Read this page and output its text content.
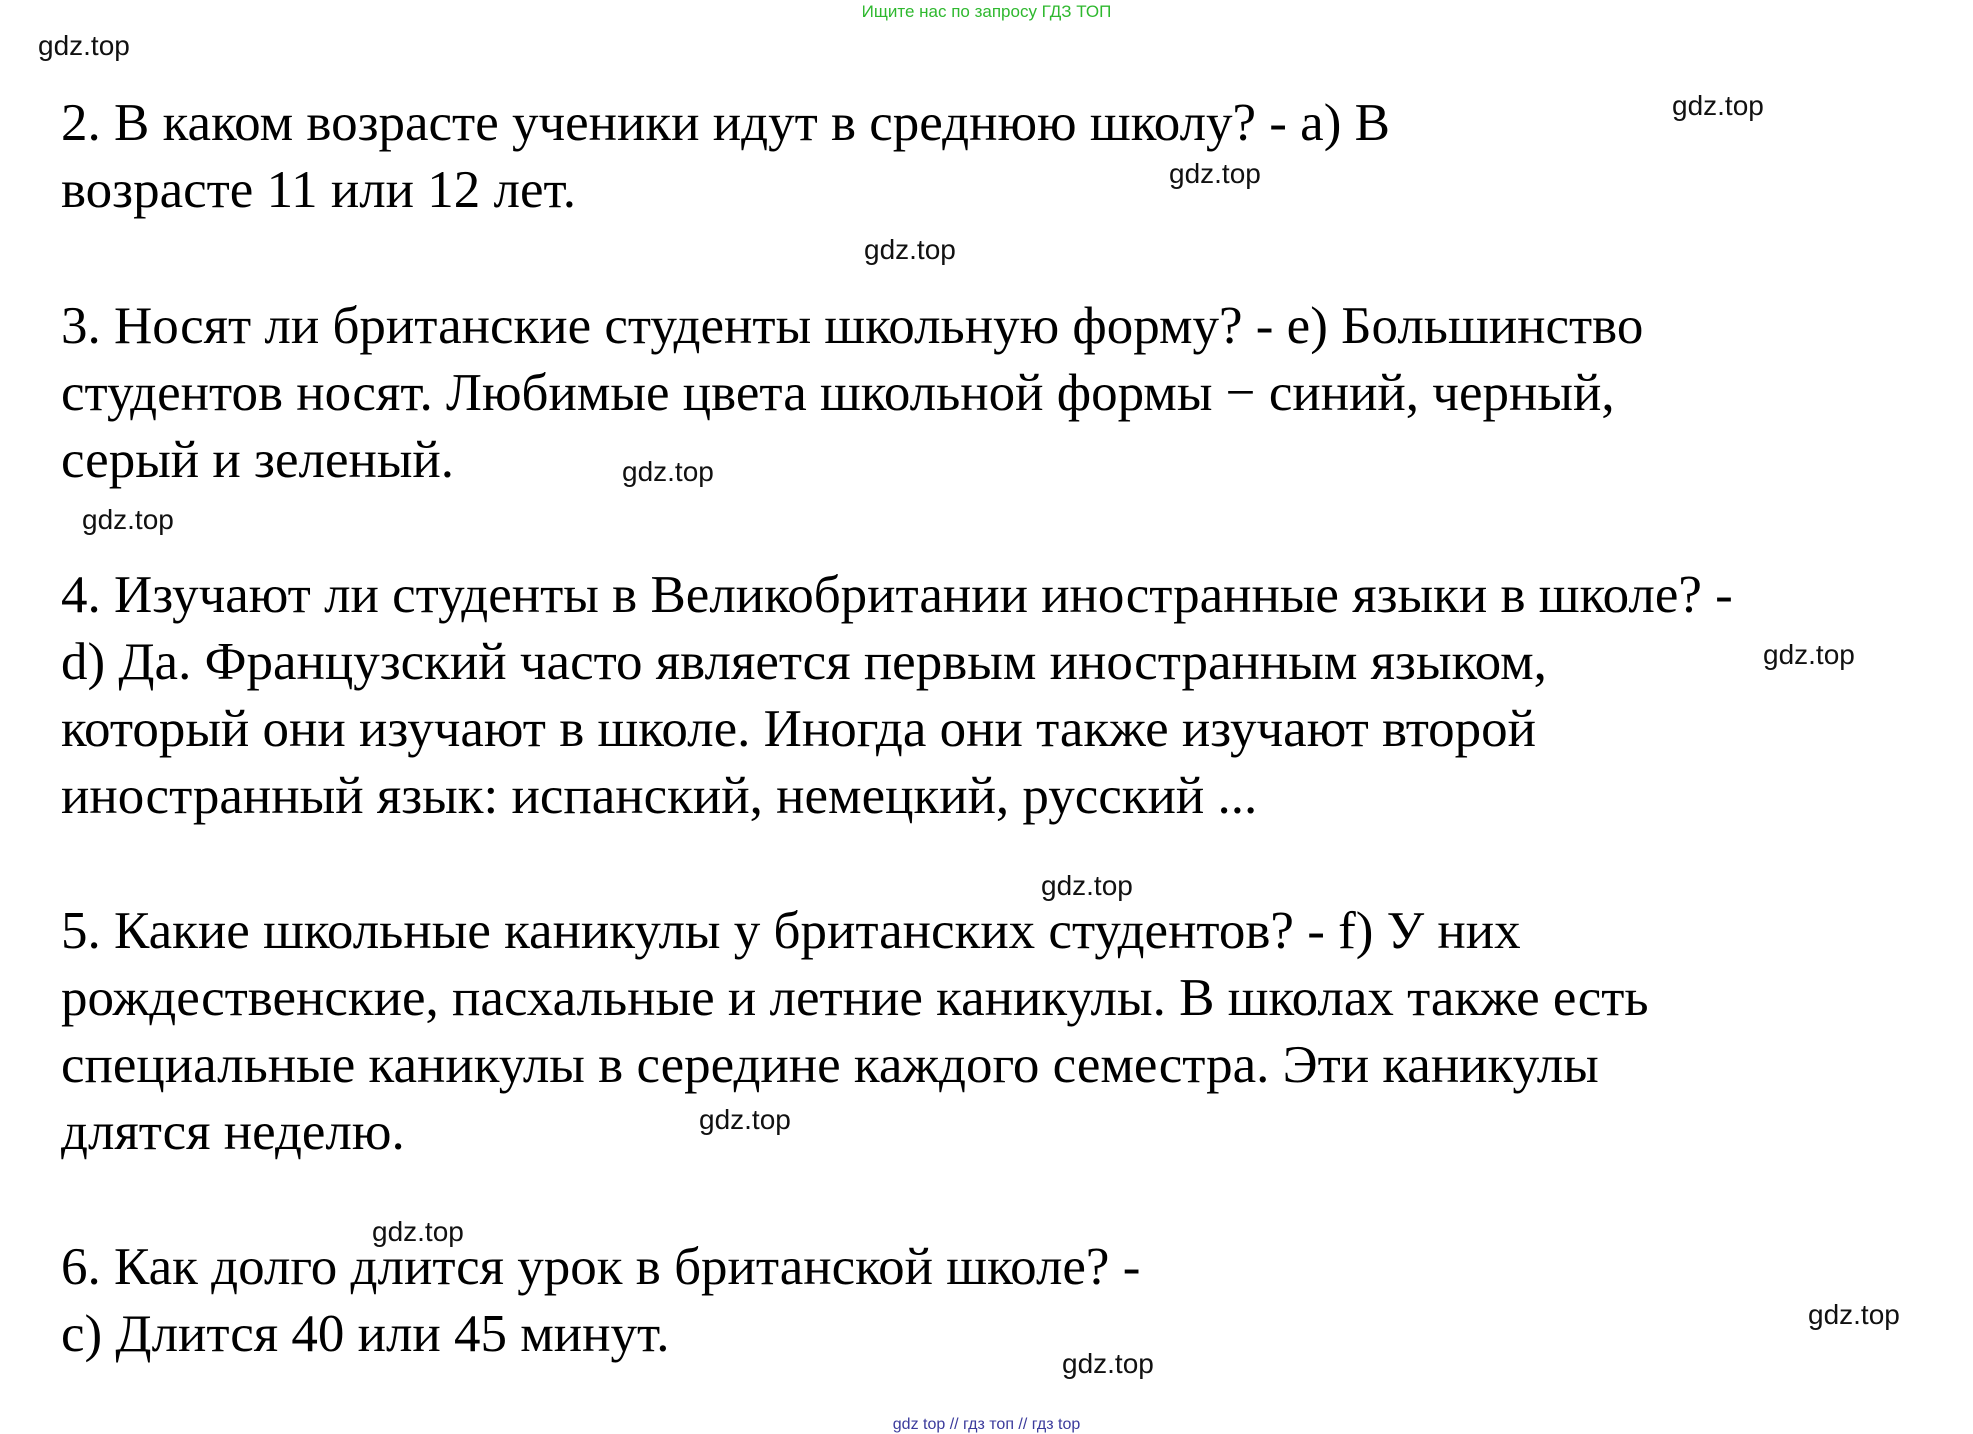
Ищите нас по запросу ГДЗ ТОП
gdz.top
gdz.top
gdz.top
gdz.top
gdz.top
gdz.top
gdz.top
gdz.top
gdz.top
gdz.top
gdz.top
gdz.top
2. В каком возрасте ученики идут в среднюю школу? - a) В
возрасте 11 или 12 лет.
3. Носят ли британские студенты школьную форму? - e) Большинство
студентов носят. Любимые цвета школьной формы − синий, черный,
серый и зеленый.
4. Изучают ли студенты в Великобритании иностранные языки в школе? -
d) Да. Французский часто является первым иностранным языком,
который они изучают в школе. Иногда они также изучают второй
иностранный язык: испанский, немецкий, русский ...
5. Какие школьные каникулы у британских студентов? - f) У них
рождественские, пасхальные и летние каникулы. В школах также есть
специальные каникулы в середине каждого семестра. Эти каникулы
длятся неделю.
6. Как долго длится урок в британской школе? -
c) Длится 40 или 45 минут.
gdz top // гдз топ // гдз top
